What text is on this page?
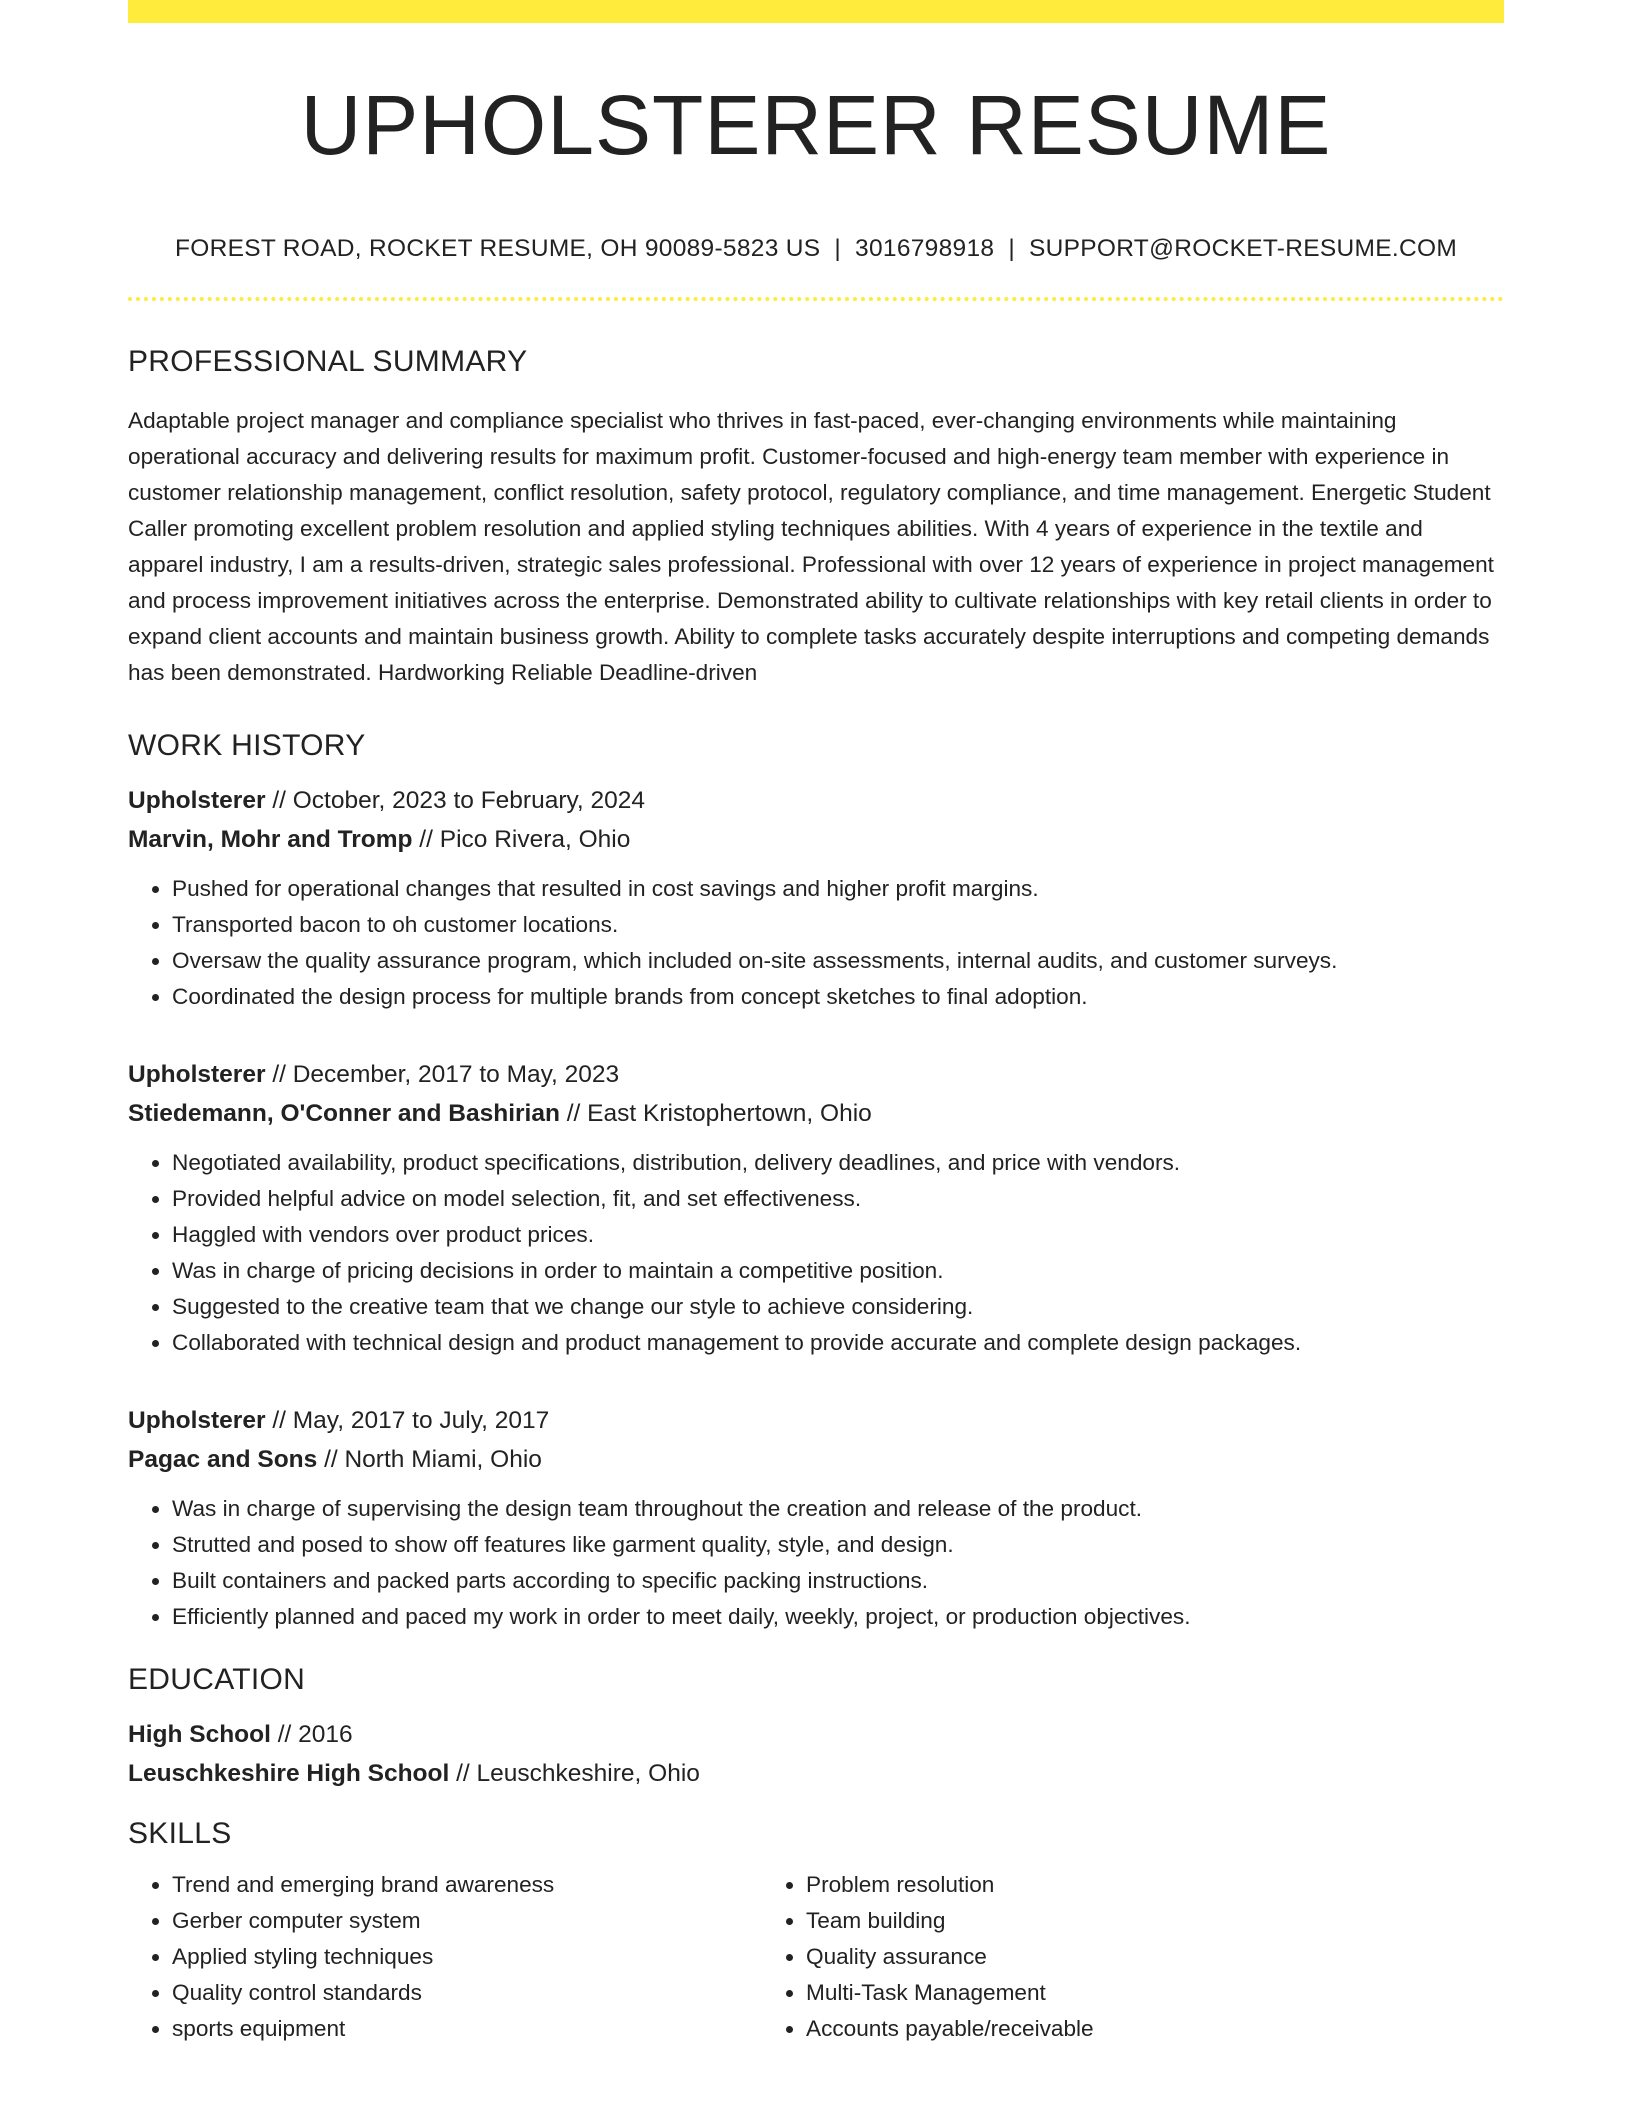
UPHOLSTERER RESUME
FOREST ROAD, ROCKET RESUME, OH 90089-5823 US | 3016798918 | SUPPORT@ROCKET-RESUME.COM
PROFESSIONAL SUMMARY
Adaptable project manager and compliance specialist who thrives in fast-paced, ever-changing environments while maintaining operational accuracy and delivering results for maximum profit. Customer-focused and high-energy team member with experience in customer relationship management, conflict resolution, safety protocol, regulatory compliance, and time management. Energetic Student Caller promoting excellent problem resolution and applied styling techniques abilities. With 4 years of experience in the textile and apparel industry, I am a results-driven, strategic sales professional. Professional with over 12 years of experience in project management and process improvement initiatives across the enterprise. Demonstrated ability to cultivate relationships with key retail clients in order to expand client accounts and maintain business growth. Ability to complete tasks accurately despite interruptions and competing demands has been demonstrated. Hardworking Reliable Deadline-driven
WORK HISTORY
Upholsterer // October, 2023 to February, 2024
Marvin, Mohr and Tromp // Pico Rivera, Ohio
• Pushed for operational changes that resulted in cost savings and higher profit margins.
• Transported bacon to oh customer locations.
• Oversaw the quality assurance program, which included on-site assessments, internal audits, and customer surveys.
• Coordinated the design process for multiple brands from concept sketches to final adoption.
Upholsterer // December, 2017 to May, 2023
Stiedemann, O'Conner and Bashirian // East Kristophertown, Ohio
• Negotiated availability, product specifications, distribution, delivery deadlines, and price with vendors.
• Provided helpful advice on model selection, fit, and set effectiveness.
• Haggled with vendors over product prices.
• Was in charge of pricing decisions in order to maintain a competitive position.
• Suggested to the creative team that we change our style to achieve considering.
• Collaborated with technical design and product management to provide accurate and complete design packages.
Upholsterer // May, 2017 to July, 2017
Pagac and Sons // North Miami, Ohio
• Was in charge of supervising the design team throughout the creation and release of the product.
• Strutted and posed to show off features like garment quality, style, and design.
• Built containers and packed parts according to specific packing instructions.
• Efficiently planned and paced my work in order to meet daily, weekly, project, or production objectives.
EDUCATION
High School // 2016
Leuschkeshire High School // Leuschkeshire, Ohio
SKILLS
• Trend and emerging brand awareness
• Gerber computer system
• Applied styling techniques
• Quality control standards
• sports equipment
• Problem resolution
• Team building
• Quality assurance
• Multi-Task Management
• Accounts payable/receivable
